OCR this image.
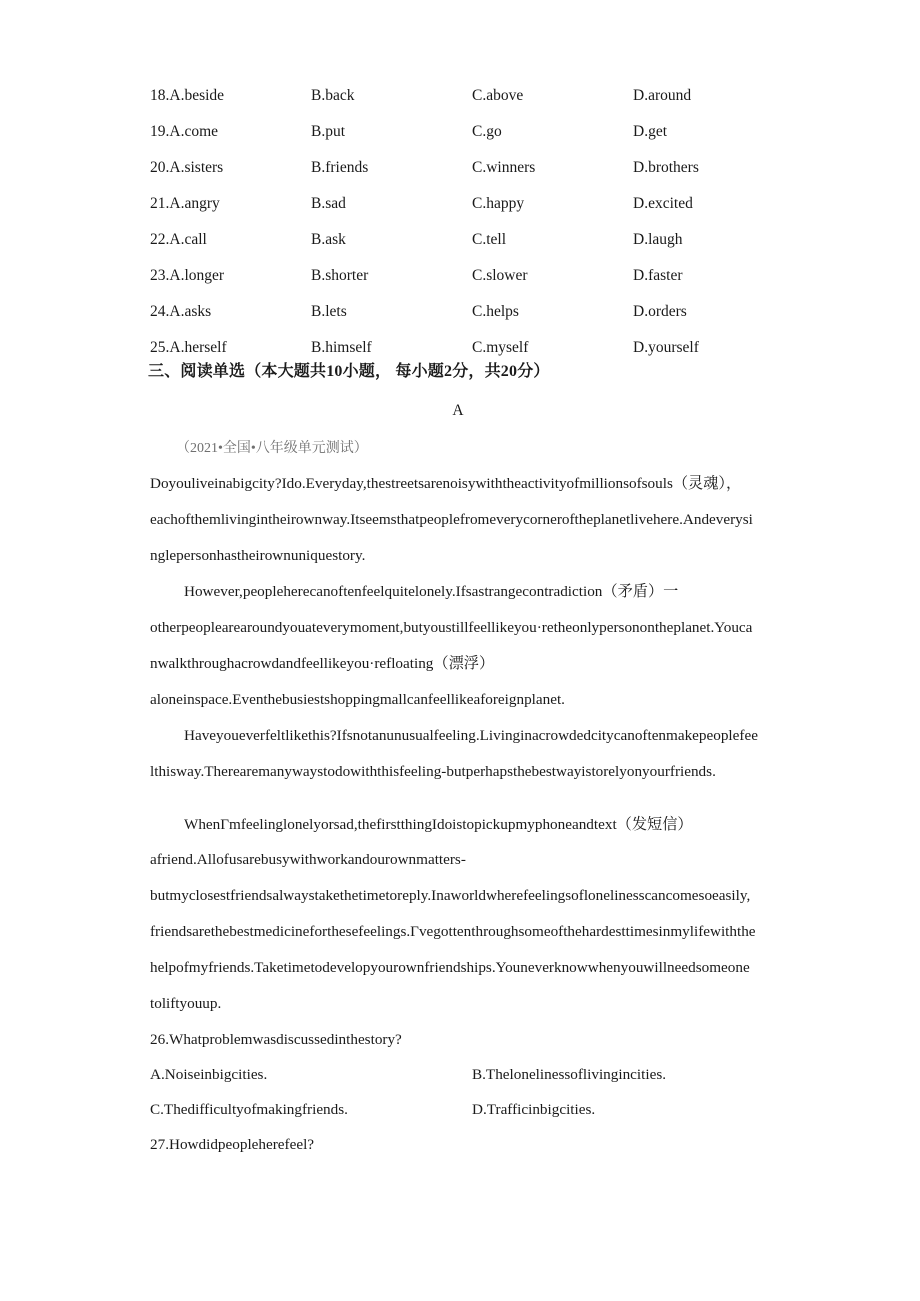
18.A.beside	B.back	C.above	D.around
19.A.come	B.put	C.go	D.get
20.A.sisters	B.friends	C.winners	D.brothers
21.A.angry	B.sad	C.happy	D.excited
22.A.call	B.ask	C.tell	D.laugh
23.A.longer	B.shorter	C.slower	D.faster
24.A.asks	B.lets	C.helps	D.orders
25.A.herself	B.himself	C.myself	D.yourself
三、阅读单选（本大题共10小题， 每小题2分，共20分）
A
（2021•全国•八年级单元测试）
Doyouliveinabigcity?Ido.Everyday,thestreetsarenoisywiththeactivityofmillionsofsouls（灵魂），
eachofthemlivingintheirownway.Itseemsthatpeoplefromeverycorneroftheplanetlivehere.Andeverysi
nglepersonhastheirownuniquestory.
However,peopleherecanoftenfeelquitelonely.Ifsastrangecontradiction（矛盾）一
otherpeoplearearoundyouateverymoment,butyoustillfeellikeyou·retheonlypersonontheplanet.Youca
nwalkthroughacrowdandfeellikeyou·refloating（漂浮）
aloneinspace.Eventhebusiestshoppingmallcanfeellikeaforeignplanet.
Haveyoueverfeltlikethis?Ifsnotanunusualfeeling.Livinginacrowdedcitycanoftenmakepeoplefee
lthisway.Therearemanywaystodowiththisfeeling-butperhapsthebestwayistorelyonyourfriends.
WhenΓmfeelinglonelyorsad,thefirstthingIdoistopickupmyphoneandtext（发短信）
afriend.Allofusarebusywithworkandourownmatters-
butmyclosestfriendsalwaystakethetimetoreply.Inaworldwherefeelingsoflonelinesscancomesoeasily,
friendsarethebestmedicineforthesefeelings.Γvegottenthroughsomeofthehardesttimesinmylifewiththe
helpofmyfriends.Taketimetodevelopyourownfriendships.Youneverknowwhenyouwillneedsomeone
toliftyouup.
26.Whatproblemwasdiscussedinthestory?
A.Noiseinbigcities.	B.Thelonelinessoflivingincities.
C.Thedifficultyofmakingfriends.	D.Trafficinbigcities.
27.Howdidpeopleherefeel?
